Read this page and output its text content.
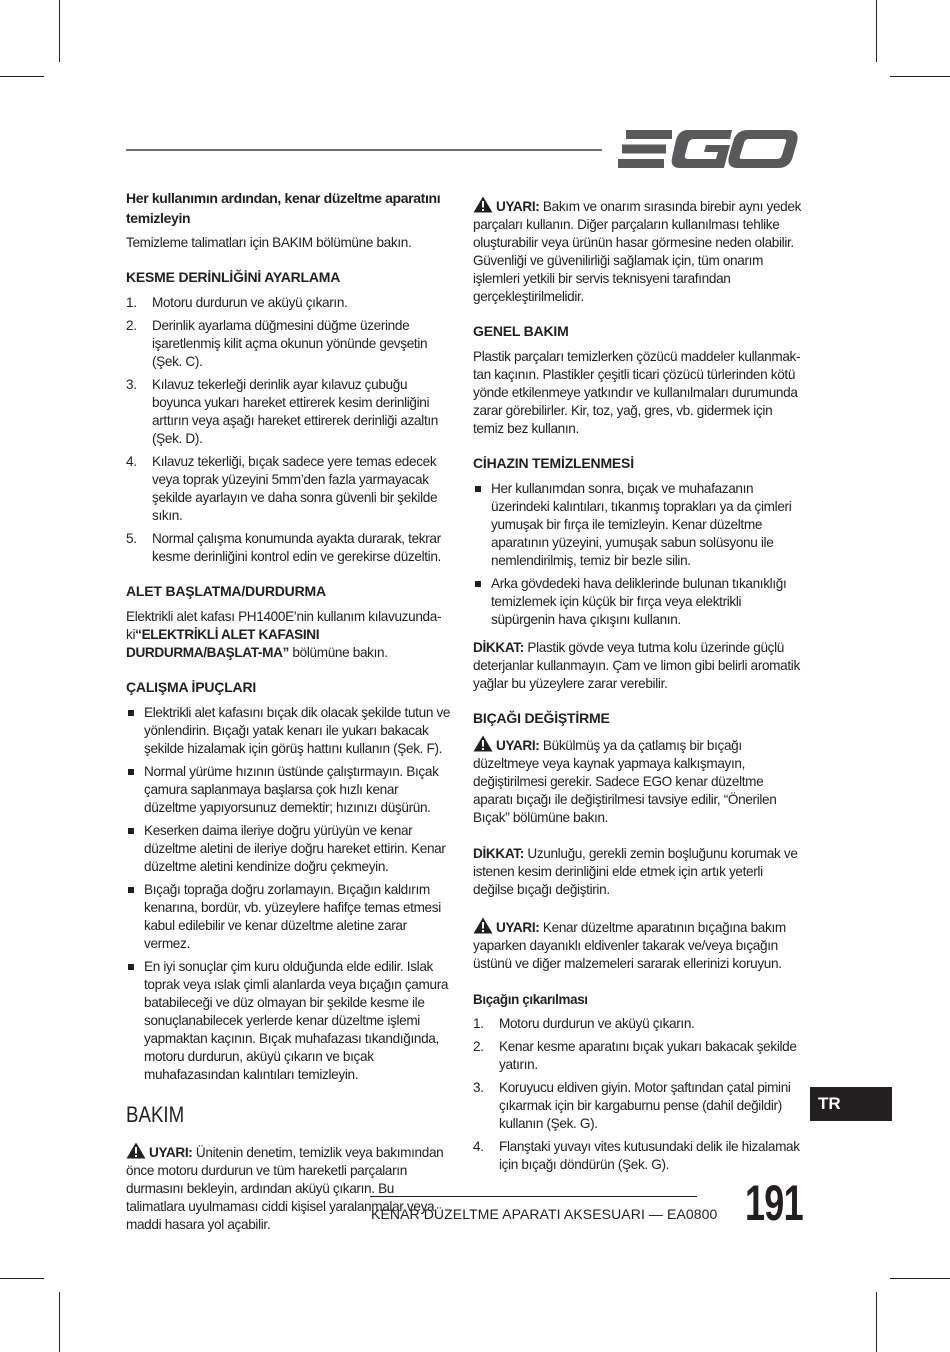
Her kullanımın ardından, kenar düzeltme aparatını temizleyin

Temizleme talimatları için BAKIM bölümüne bakın.

KESME DERİNLİĞİNİ AYARLAMA

1. Motoru durdurun ve aküyü çıkarın.
2. Derinlik ayarlama düğmesini düğme üzerinde işaretlenmiş kilit açma okunun yönünde gevşetin (Şek. C).
3. Kılavuz tekerleği derinlik ayar kılavuz çubuğu boyunca yukarı hareket ettirerek kesim derinliğini arttırın veya aşağı hareket ettirerek derinliği azaltın (Şek. D).
4. Kılavuz tekerliği, bıçak sadece yere temas edecek veya toprak yüzeyini 5mm’den fazla yarmayacak şekilde ayarlayın ve daha sonra güvenli bir şekilde sıkın.
5. Normal çalışma konumunda ayakta durarak, tekrar kesme derinliğini kontrol edin ve gerekirse düzeltin.

ALET BAŞLATMA/DURDURMA

Elektrikli alet kafası PH1400E’nin kullanım kılavuzunda-ki“ELEKTRİKLİ ALET KAFASINI DURDURMA/BAŞLAT-MA” bölümüne bakın.

ÇALIŞMA İPUÇLARI

Elektrikli alet kafasını bıçak dik olacak şekilde tutun ve yönlendirin. Bıçağı yatak kenarı ile yukarı bakacak şekilde hizalamak için görüş hattını kullanın (Şek. F).
Normal yürüme hızının üstünde çalıştırmayın. Bıçak çamura saplanmaya başlarsa çok hızlı kenar düzeltme yapıyorsunuz demektir; hızınızı düşürün.
Keserken daima ileriye doğru yürüyün ve kenar düzeltme aletini de ileriye doğru hareket ettirin. Kenar düzeltme aletini kendinize doğru çekmeyin.
Bıçağı toprağa doğru zorlamayın. Bıçağın kaldırım kenarına, bordür, vb. yüzeylere hafifçe temas etmesi kabul edilebilir ve kenar düzeltme aletine zarar vermez.
En iyi sonuçlar çim kuru olduğunda elde edilir. Islak toprak veya ıslak çimli alanlarda veya bıçağın çamura batabileceği ve düz olmayan bir şekilde kesme ile sonuçlanabilecek yerlerde kenar düzeltme işlemi yapmaktan kaçının. Bıçak muhafazası tıkandığında, motoru durdurun, aküyü çıkarın ve bıçak muhafazasından kalıntıları temizleyin.

BAKIM

UYARI: Ünitenin denetim, temizlik veya bakımından önce motoru durdurun ve tüm hareketli parçaların durmasını bekleyin, ardından aküyü çıkarın. Bu talimatlara uyulmaması ciddi kişisel yaralanmalar veya maddi hasara yol açabilir.

UYARI: Bakım ve onarım sırasında birebir aynı yedek parçaları kullanın. Diğer parçaların kullanılması tehlike oluşturabilir veya ürünün hasar görmesine neden olabilir. Güvenliği ve güvenilirliği sağlamak için, tüm onarım işlemleri yetkili bir servis teknisyeni tarafından gerçekleştirilmelidir.

GENEL BAKIM

Plastik parçaları temizlerken çözücü maddeler kullanmak-tan kaçının. Plastikler çeşitli ticari çözücü türlerinden kötü yönde etkilenmeye yatkındır ve kullanılmaları durumunda zarar görebilirler. Kir, toz, yağ, gres, vb. gidermek için temiz bez kullanın.

CİHAZIN TEMİZLENMESİ

Her kullanımdan sonra, bıçak ve muhafazanın üzerindeki kalıntıları, tıkanmış toprakları ya da çimleri yumuşak bir fırça ile temizleyin. Kenar düzeltme aparatının yüzeyini, yumuşak sabun solüsyonu ile nemlendirilmiş, temiz bir bezle silin.
Arka gövdedeki hava deliklerinde bulunan tıkanıklığı temizlemek için küçük bir fırça veya elektrikli süpürgenin hava çıkışını kullanın.

DİKKAT: Plastik gövde veya tutma kolu üzerinde güçlü deterjanlar kullanmayın. Çam ve limon gibi belirli aromatik yağlar bu yüzeylere zarar verebilir.

BIÇAĞI DEĞİŞTİRME

UYARI: Bükülmüş ya da çatlamış bir bıçağı düzeltmeye veya kaynak yapmaya kalkışmayın, değiştirilmesi gerekir. Sadece EGO kenar düzeltme aparatı bıçağı ile değiştirilmesi tavsiye edilir, “Önerilen Bıçak” bölümüne bakın.

DİKKAT: Uzunluğu, gerekli zemin boşluğunu korumak ve istenen kesim derinliğini elde etmek için artık yeterli değilse bıçağı değiştirin.

UYARI: Kenar düzeltme aparatının bıçağına bakım yaparken dayanıklı eldivenler takarak ve/veya bıçağın üstünü ve diğer malzemeleri sararak ellerinizi koruyun.

Bıçağın çıkarılması

1. Motoru durdurun ve aküyü çıkarın.
2. Kenar kesme aparatını bıçak yukarı bakacak şekilde yatırın.
3. Koruyucu eldiven giyin. Motor şaftından çatal pimini çıkarmak için bir kargaburnu pense (dahil değildir) kullanın (Şek. G).
4. Flanştaki yuvayı vites kutusundaki delik ile hizalamak için bıçağı döndürün (Şek. G).
TR
KENAR DÜZELTME APARATI AKSESUARI — EA0800 191
